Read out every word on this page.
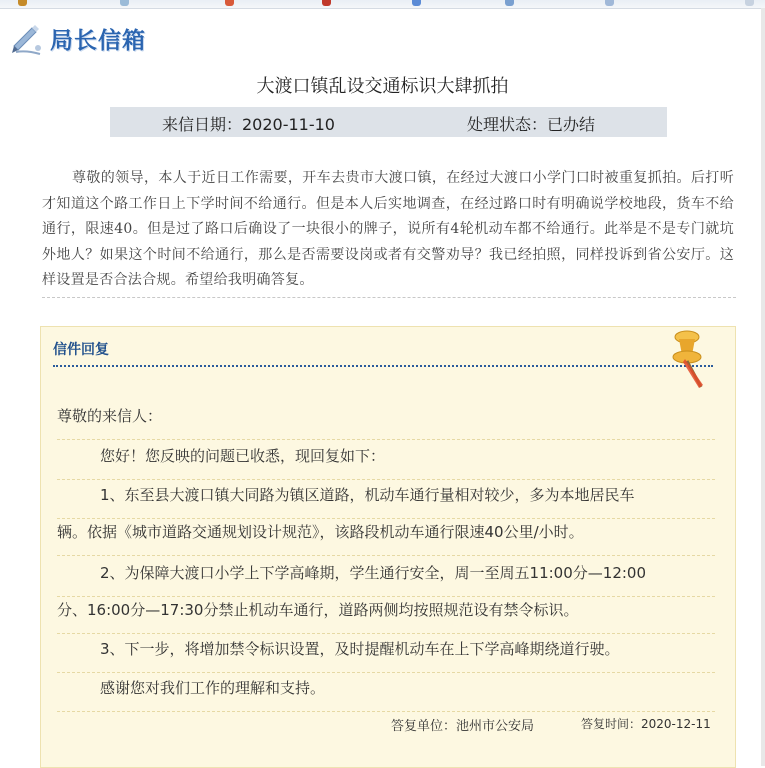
局长信箱
大渡口镇乱设交通标识大肆抓拍
来信日期：2020-11-10	处理状态：已办结
尊敬的领导，本人于近日工作需要，开车去贵市大渡口镇，在经过大渡口小学门口时被重复抓拍。后打听才知道这个路工作日上下学时间不给通行。但是本人后实地调查，在经过路口时有明确说学校地段，货车不给通行，限速40。但是过了路口后确设了一块很小的牌子，说所有4轮机动车都不给通行。此举是不是专门就坑外地人？如果这个时间不给通行，那么是否需要设岗或者有交警劝导？我已经拍照，同样投诉到省公安厅。这样设置是否合法合规。希望给我明确答复。
信件回复
尊敬的来信人：
您好！您反映的问题已收悉，现回复如下：
1、东至县大渡口镇大同路为镇区道路，机动车通行量相对较少，多为本地居民车
辆。依据《城市道路交通规划设计规范》，该路段机动车通行限速40公里/小时。
2、为保障大渡口小学上下学高峰期，学生通行安全，周一至周五11:00分—12:00
分、16:00分—17:30分禁止机动车通行，道路两侧均按照规范设有禁令标识。
3、下一步，将增加禁令标识设置，及时提醒机动车在上下学高峰期绕道行驶。
感谢您对我们工作的理解和支持。
答复单位：池州市公安局	答复时间：2020-12-11
